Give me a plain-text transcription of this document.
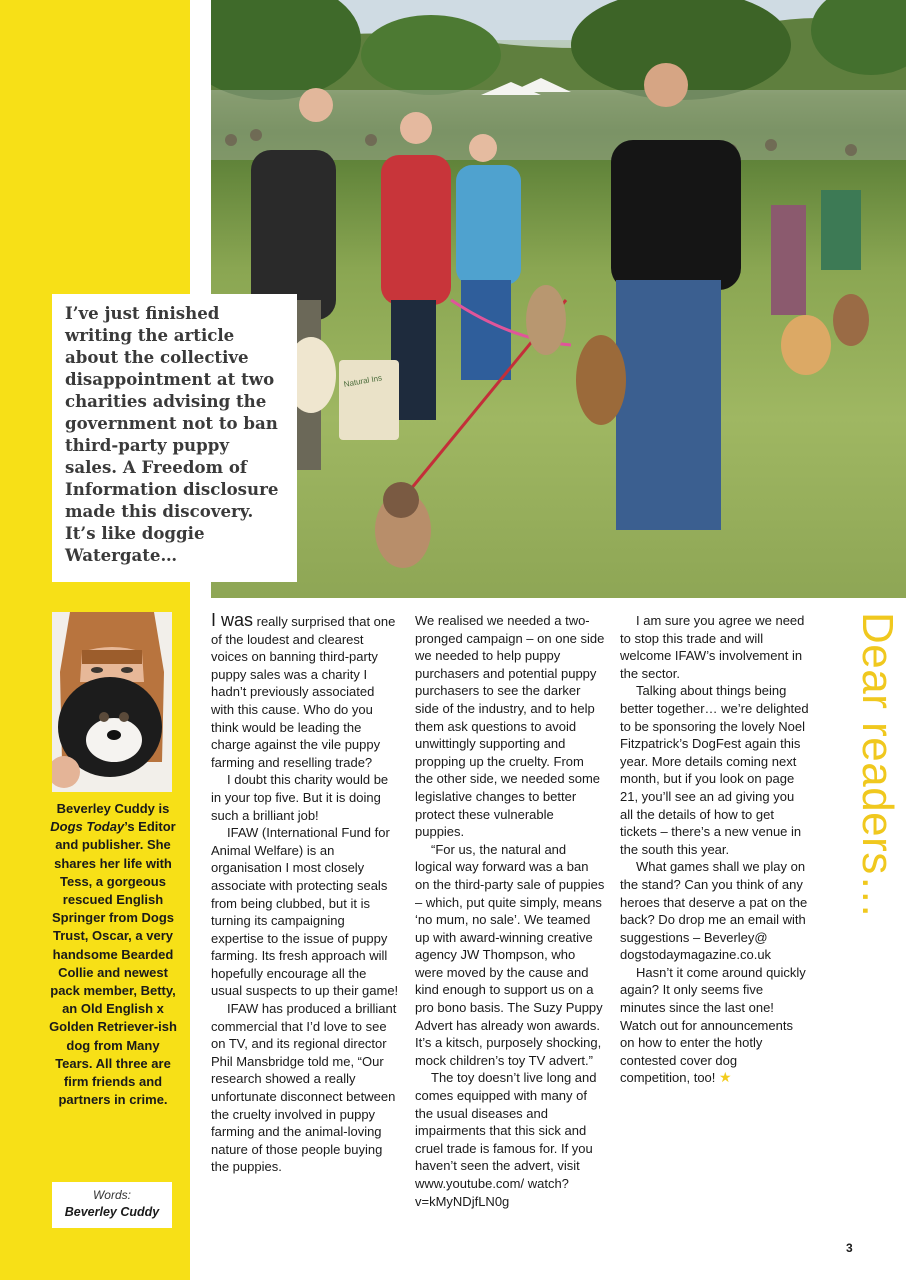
Natural Ins

I’ve just finished writing the article about the collective disappointment at two charities advising the government not to ban third-party puppy sales. A Freedom of Information disclosure made this discovery. It’s like doggie Watergate…

Beverley Cuddy is Dogs Today’s Editor and publisher. She shares her life with Tess, a gorgeous rescued English Springer from Dogs Trust, Oscar, a very handsome Bearded Collie and newest pack member, Betty, an Old English x Golden Retriever-ish dog from Many Tears. All three are firm friends and partners in crime.

Words:
Beverley Cuddy

I was really surprised that one of the loudest and clearest voices on banning third-party puppy sales was a charity I hadn’t previously associated with this cause. Who do you think would be leading the charge against the vile puppy farming and reselling trade?

I doubt this charity would be in your top five. But it is doing such a brilliant job!

IFAW (International Fund for Animal Welfare) is an organisation I most closely associate with protecting seals from being clubbed, but it is turning its campaigning expertise to the issue of puppy farming. Its fresh approach will hopefully encourage all the usual suspects to up their game!

IFAW has produced a brilliant commercial that I’d love to see on TV, and its regional director Phil Mansbridge told me, “Our research showed a really unfortunate disconnect between the cruelty involved in puppy farming and the animal-loving nature of those people buying the puppies.

We realised we needed a two-pronged campaign – on one side we needed to help puppy purchasers and potential puppy purchasers to see the darker side of the industry, and to help them ask questions to avoid unwittingly supporting and propping up the cruelty. From the other side, we needed some legislative changes to better protect these vulnerable puppies.

“For us, the natural and logical way forward was a ban on the third-party sale of puppies – which, put quite simply, means ‘no mum, no sale’. We teamed up with award-winning creative agency JW Thompson, who were moved by the cause and kind enough to support us on a pro bono basis. The Suzy Puppy Advert has already won awards. It’s a kitsch, purposely shocking, mock children’s toy TV advert.”

The toy doesn’t live long and comes equipped with many of the usual diseases and impairments that this sick and cruel trade is famous for. If you haven’t seen the advert, visit www.youtube.com/ watch?v=kMyNDjfLN0g

I am sure you agree we need to stop this trade and will welcome IFAW’s involvement in the sector.

Talking about things being better together… we’re delighted to be sponsoring the lovely Noel Fitzpatrick’s DogFest again this year. More details coming next month, but if you look on page 21, you’ll see an ad giving you all the details of how to get tickets – there’s a new venue in the south this year.

What games shall we play on the stand? Can you think of any heroes that deserve a pat on the back? Do drop me an email with suggestions – Beverley@ dogstodaymagazine.co.uk

Hasn’t it come around quickly again? It only seems five minutes since the last one! Watch out for announcements on how to enter the hotly contested cover dog competition, too! ★

Dear readers…
3
